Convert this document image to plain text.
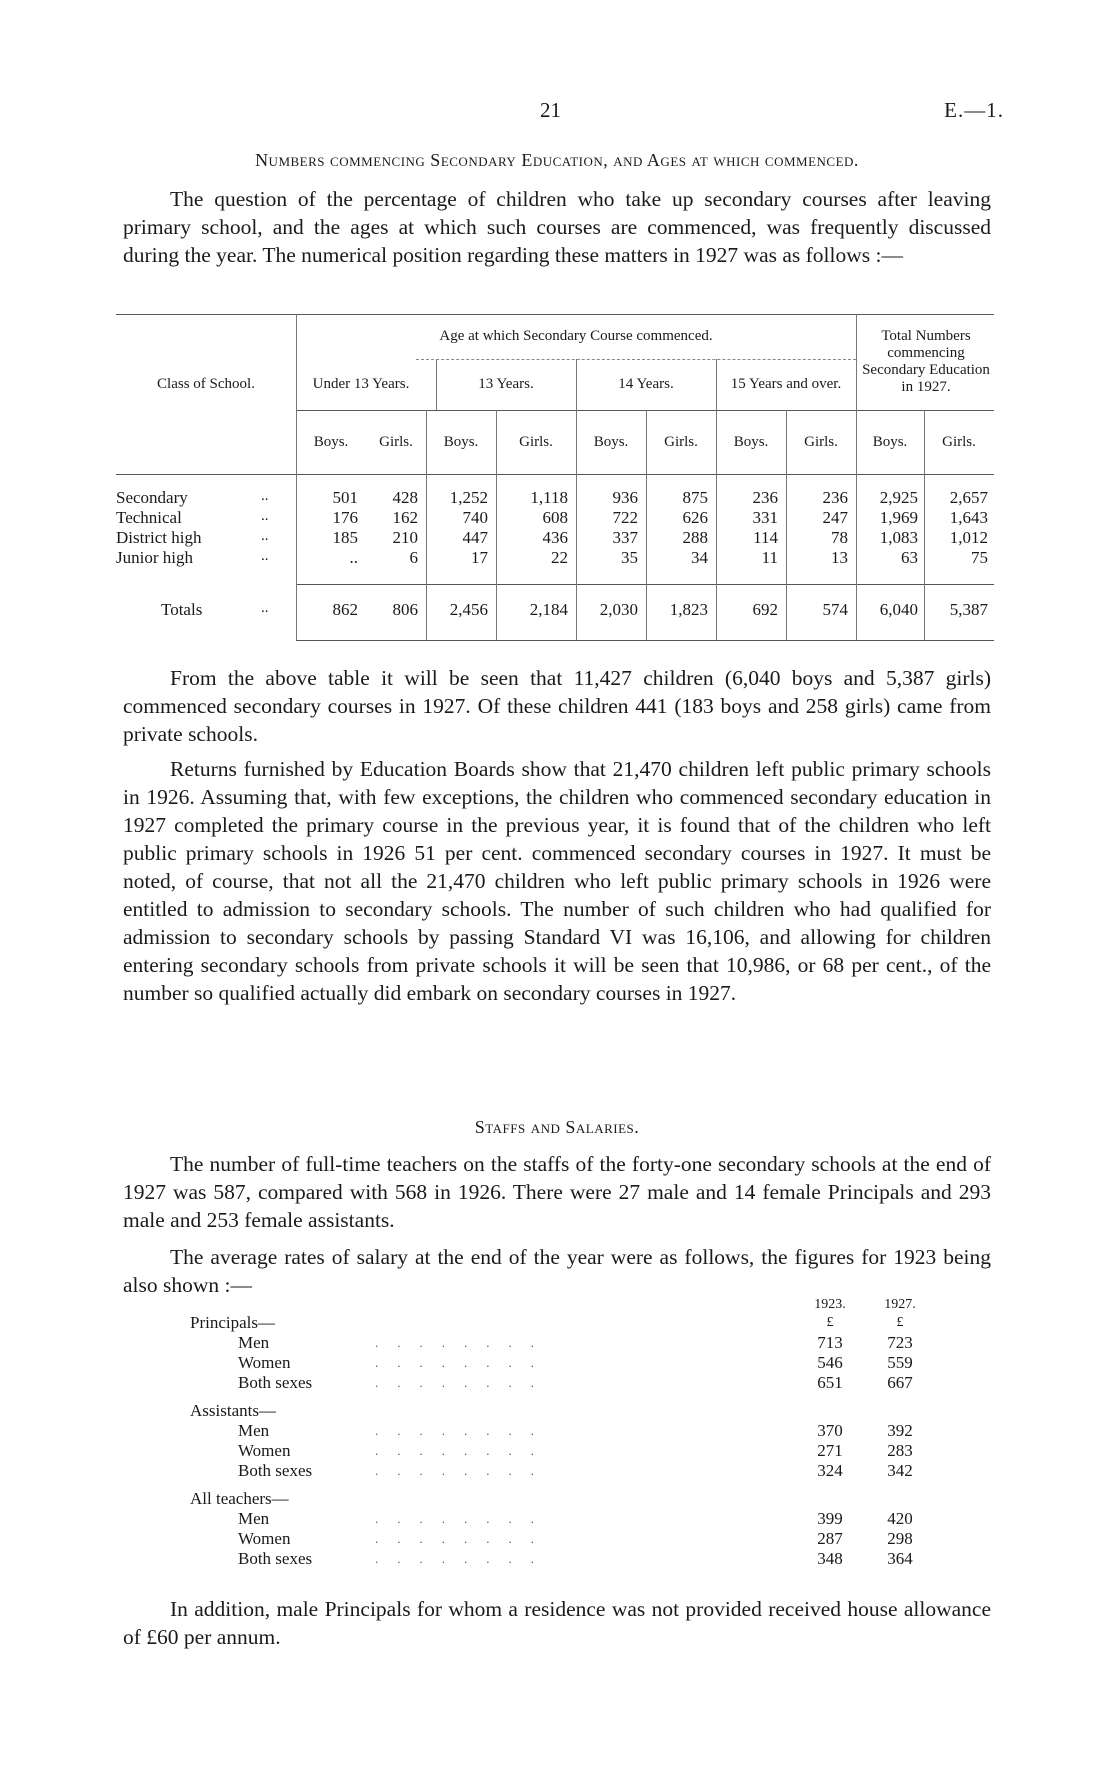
21	E.—1.
Numbers commencing Secondary Education, and Ages at which commenced.

The question of the percentage of children who take up secondary courses after leaving primary school, and the ages at which such courses are commenced, was frequently discussed during the year. The numerical position regarding these matters in 1927 was as follows :—

Class of School.
Age at which Secondary Course commenced.	Total Numbers commencing Secondary Education in 1927.
Under 13 Years.	13 Years.	14 Years.	15 Years and over.
Boys.	Girls.	Boys.	Girls.	Boys.	Girls.	Boys.	Girls.	Boys.	Girls.
Secondary	..	501	428	1,252	1,118	936	875	236	236	2,925	2,657
Technical	..	176	162	740	608	722	626	331	247	1,969	1,643
District high	..	185	210	447	436	337	288	114	78	1,083	1,012
Junior high	..	..	6	17	22	35	34	11	13	63	75
Totals	..	862	806	2,456	2,184	2,030	1,823	692	574	6,040	5,387

From the above table it will be seen that 11,427 children (6,040 boys and 5,387 girls) commenced secondary courses in 1927. Of these children 441 (183 boys and 258 girls) came from private schools.

Returns furnished by Education Boards show that 21,470 children left public primary schools in 1926. Assuming that, with few exceptions, the children who commenced secondary education in 1927 completed the primary course in the previous year, it is found that of the children who left public primary schools in 1926 51 per cent. commenced secondary courses in 1927. It must be noted, of course, that not all the 21,470 children who left public primary schools in 1926 were entitled to admission to secondary schools. The number of such children who had qualified for admission to secondary schools by passing Standard VI was 16,106, and allowing for children entering secondary schools from private schools it will be seen that 10,986, or 68 per cent., of the number so qualified actually did embark on secondary courses in 1927.

Staffs and Salaries.

The number of full-time teachers on the staffs of the forty-one secondary schools at the end of 1927 was 587, compared with 568 in 1926. There were 27 male and 14 female Principals and 293 male and 253 female assistants.

The average rates of salary at the end of the year were as follows, the figures for 1923 being also shown :—

1923.	1927.
Principals—	£	£
Men	........	713	723
Women	........	546	559
Both sexes	........	651	667
Assistants—
Men	........	370	392
Women	........	271	283
Both sexes	........	324	342
All teachers—
Men	........	399	420
Women	........	287	298
Both sexes	........	348	364

In addition, male Principals for whom a residence was not provided received house allowance of £60 per annum.
